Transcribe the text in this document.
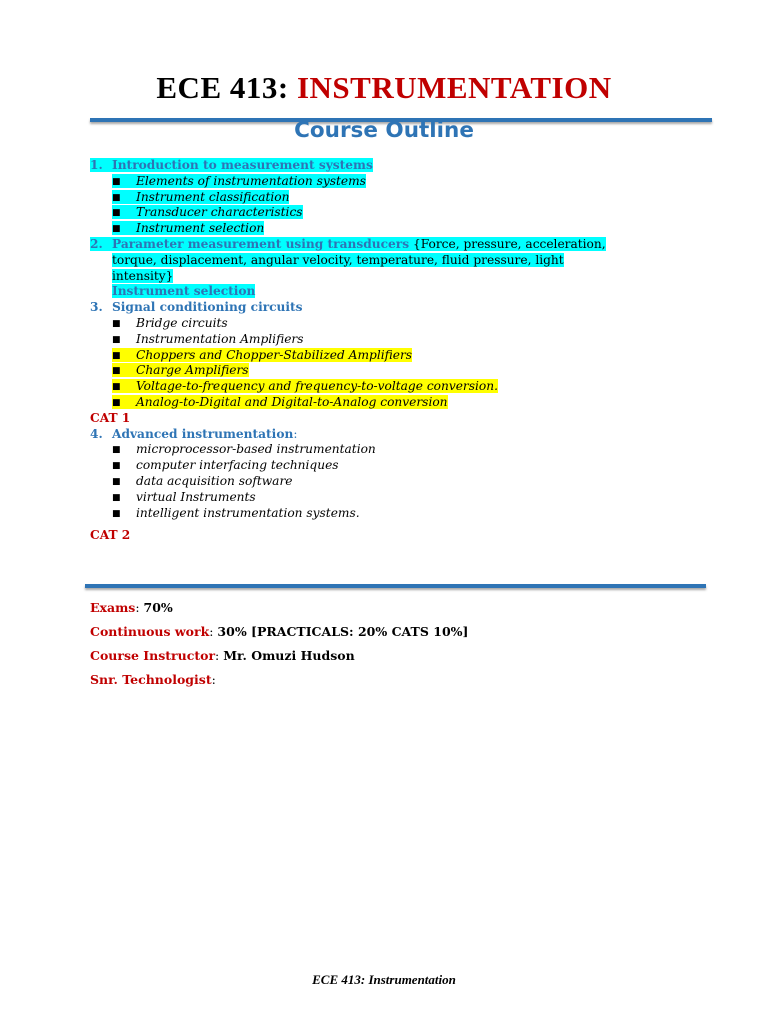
ECE 413: INSTRUMENTATION
Course Outline
1. Introduction to measurement systems
■ Elements of instrumentation systems
■ Instrument classification
■ Transducer characteristics
■ Instrument selection
2. Parameter measurement using transducers {Force, pressure, acceleration,
torque, displacement, angular velocity, temperature, fluid pressure, light
intensity}
Instrument selection
3. Signal conditioning circuits
■ Bridge circuits
■ Instrumentation Amplifiers
■ Choppers and Chopper-Stabilized Amplifiers
■ Charge Amplifiers
■ Voltage-to-frequency and frequency-to-voltage conversion.
■ Analog-to-Digital and Digital-to-Analog conversion
CAT 1
4. Advanced instrumentation:
■ microprocessor-based instrumentation
■ computer interfacing techniques
■ data acquisition software
■ virtual Instruments
■ intelligent instrumentation systems.
CAT 2
Exams: 70%
Continuous work: 30% [PRACTICALS: 20% CATS 10%]
Course Instructor: Mr. Omuzi Hudson
Snr. Technologist:
ECE 413: Instrumentation
